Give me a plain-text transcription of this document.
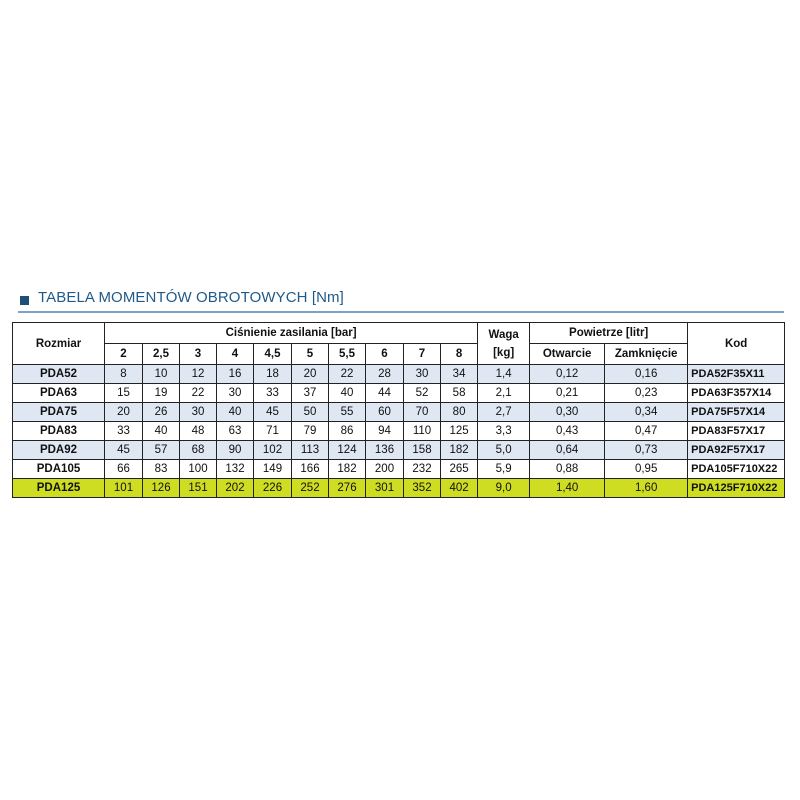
TABELA MOMENTÓW OBROTOWYCH [Nm]
Rozmiar	Ciśnienie zasilania [bar]										Waga
[kg]	Powietrze [litr]		Kod
	2	2,5	3	4	4,5	5	5,5	6	7	8		Otwarcie	Zamknięcie	
PDA52	8	10	12	16	18	20	22	28	30	34	1,4	0,12	0,16	PDA52F35X11
PDA63	15	19	22	30	33	37	40	44	52	58	2,1	0,21	0,23	PDA63F357X14
PDA75	20	26	30	40	45	50	55	60	70	80	2,7	0,30	0,34	PDA75F57X14
PDA83	33	40	48	63	71	79	86	94	110	125	3,3	0,43	0,47	PDA83F57X17
PDA92	45	57	68	90	102	113	124	136	158	182	5,0	0,64	0,73	PDA92F57X17
PDA105	66	83	100	132	149	166	182	200	232	265	5,9	0,88	0,95	PDA105F710X22
PDA125	101	126	151	202	226	252	276	301	352	402	9,0	1,40	1,60	PDA125F710X22
